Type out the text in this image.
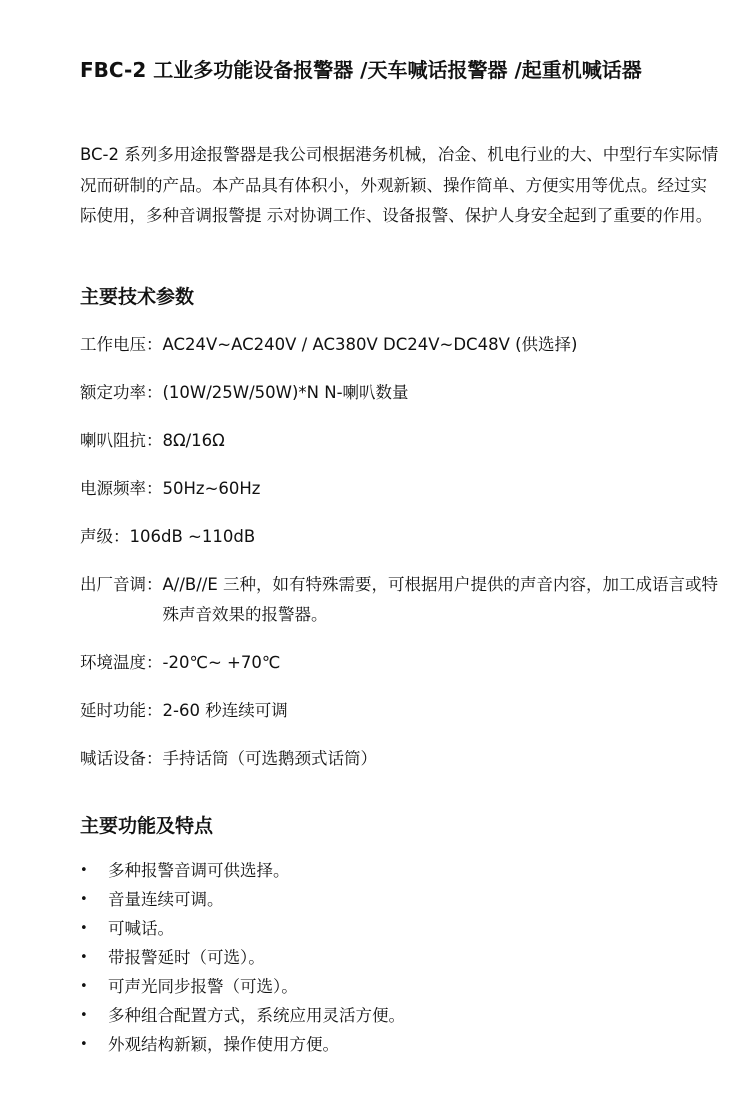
FBC-2 工业多功能设备报警器 /天车喊话报警器 /起重机喊话器

BC-2 系列多用途报警器是我公司根据港务机械，冶金、机电行业的大、中型行车实际情况而研制的产品。本产品具有体积小，外观新颖、操作简单、方便实用等优点。经过实际使用，多种音调报警提 示对协调工作、设备报警、保护人身安全起到了重要的作用。

主要技术参数
工作电压： AC24V~AC240V / AC380V DC24V~DC48V (供选择)
额定功率： (10W/25W/50W)*N N-喇叭数量
喇叭阻抗： 8Ω/16Ω
电源频率： 50Hz~60Hz
声级： 106dB ~110dB
出厂音调： A//B//E 三种，如有特殊需要，可根据用户提供的声音内容，加工成语言或特殊声音效果的报警器。
环境温度： -20℃~ +70℃
延时功能： 2-60 秒连续可调
喊话设备： 手持话筒（可选鹅颈式话筒）
主要功能及特点
•	多种报警音调可供选择。
•	音量连续可调。
•	可喊话。
•	带报警延时（可选）。
•	可声光同步报警（可选）。
•	多种组合配置方式，系统应用灵活方便。
•	外观结构新颖，操作使用方便。
